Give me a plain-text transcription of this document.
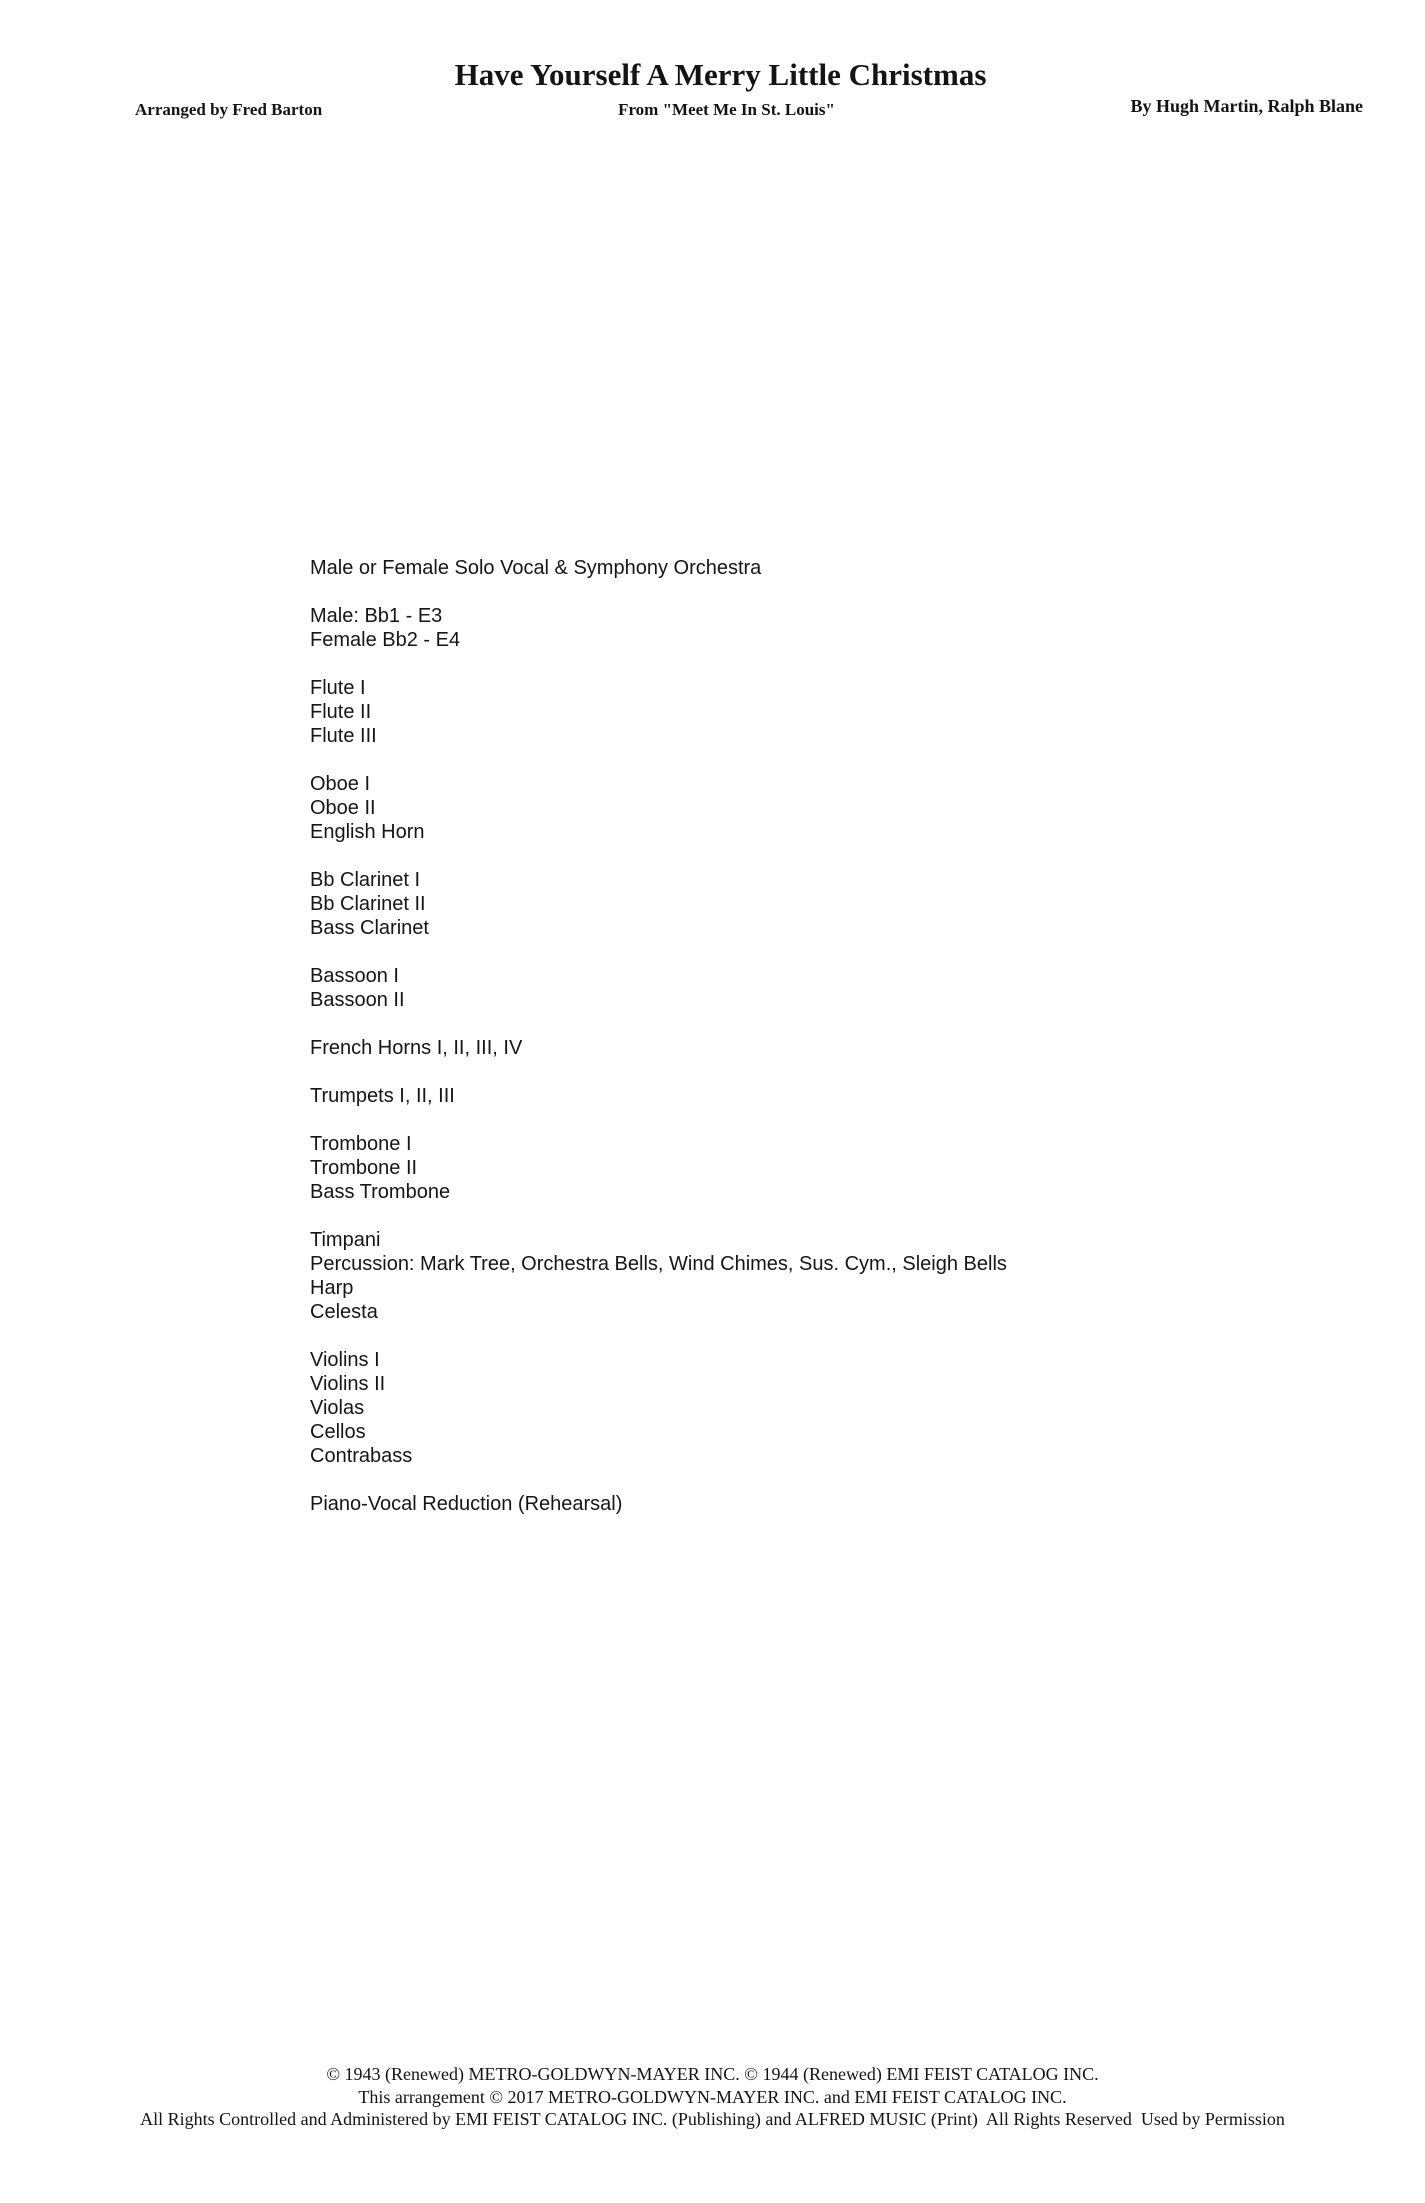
Have Yourself A Merry Little Christmas
Arranged by Fred Barton	From "Meet Me In St. Louis"	By Hugh Martin, Ralph Blane

Male or Female Solo Vocal & Symphony Orchestra

Male: Bb1 - E3
Female Bb2 - E4

Flute I
Flute II
Flute III

Oboe I
Oboe II
English Horn

Bb Clarinet I
Bb Clarinet II
Bass Clarinet

Bassoon I
Bassoon II

French Horns I, II, III, IV

Trumpets I, II, III

Trombone I
Trombone II
Bass Trombone

Timpani
Percussion: Mark Tree, Orchestra Bells, Wind Chimes, Sus. Cym., Sleigh Bells
Harp
Celesta

Violins I
Violins II
Violas
Cellos
Contrabass

Piano-Vocal Reduction (Rehearsal)

© 1943 (Renewed) METRO-GOLDWYN-MAYER INC. © 1944 (Renewed) EMI FEIST CATALOG INC.
This arrangement © 2017 METRO-GOLDWYN-MAYER INC. and EMI FEIST CATALOG INC.
All Rights Controlled and Administered by EMI FEIST CATALOG INC. (Publishing) and ALFRED MUSIC (Print)  All Rights Reserved  Used by Permission
